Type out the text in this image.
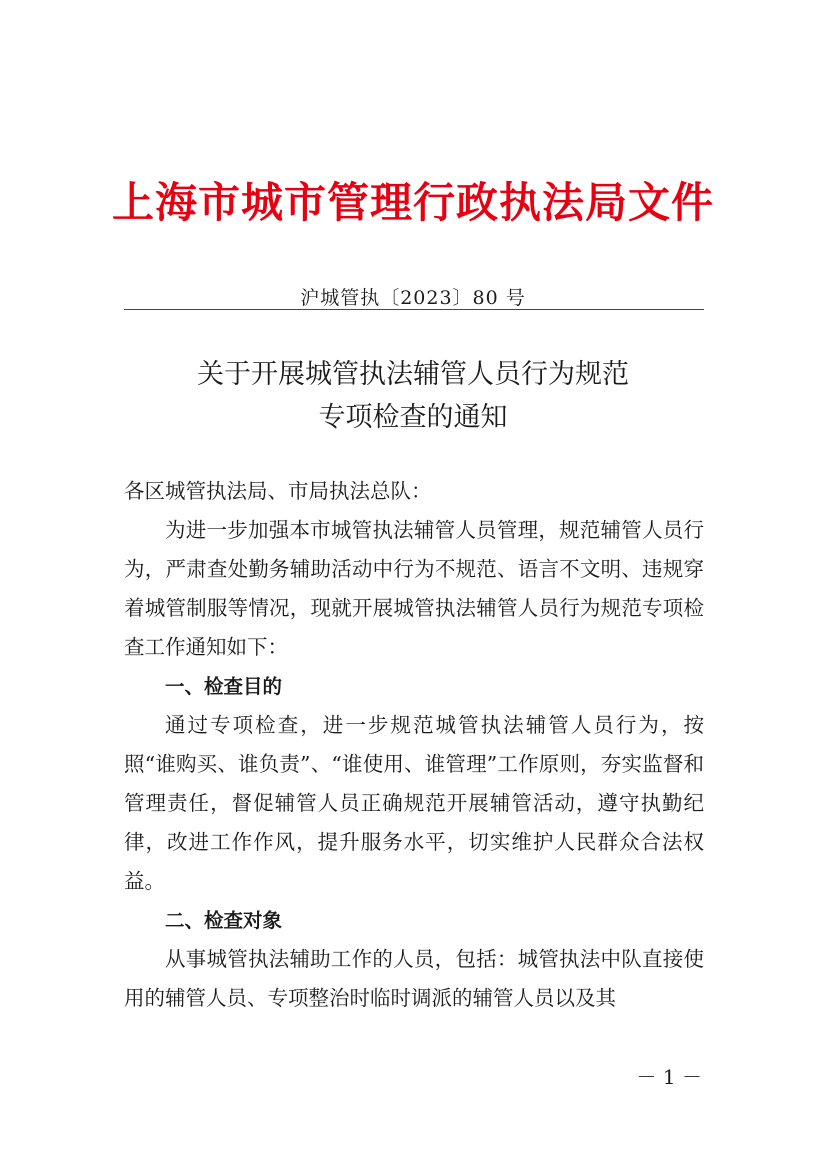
上海市城市管理行政执法局文件
沪城管执〔2023〕80 号
关于开展城管执法辅管人员行为规范
专项检查的通知

各区城管执法局、市局执法总队：

为进一步加强本市城管执法辅管人员管理，规范辅管人员行为，严肃查处勤务辅助活动中行为不规范、语言不文明、违规穿着城管制服等情况，现就开展城管执法辅管人员行为规范专项检查工作通知如下：

一、检查目的

通过专项检查，进一步规范城管执法辅管人员行为，按照“谁购买、谁负责”、“谁使用、谁管理”工作原则，夯实监督和管理责任，督促辅管人员正确规范开展辅管活动，遵守执勤纪律，改进工作作风，提升服务水平，切实维护人民群众合法权益。

二、检查对象

从事城管执法辅助工作的人员，包括：城管执法中队直接使用的辅管人员、专项整治时临时调派的辅管人员以及其

－ 1 －
